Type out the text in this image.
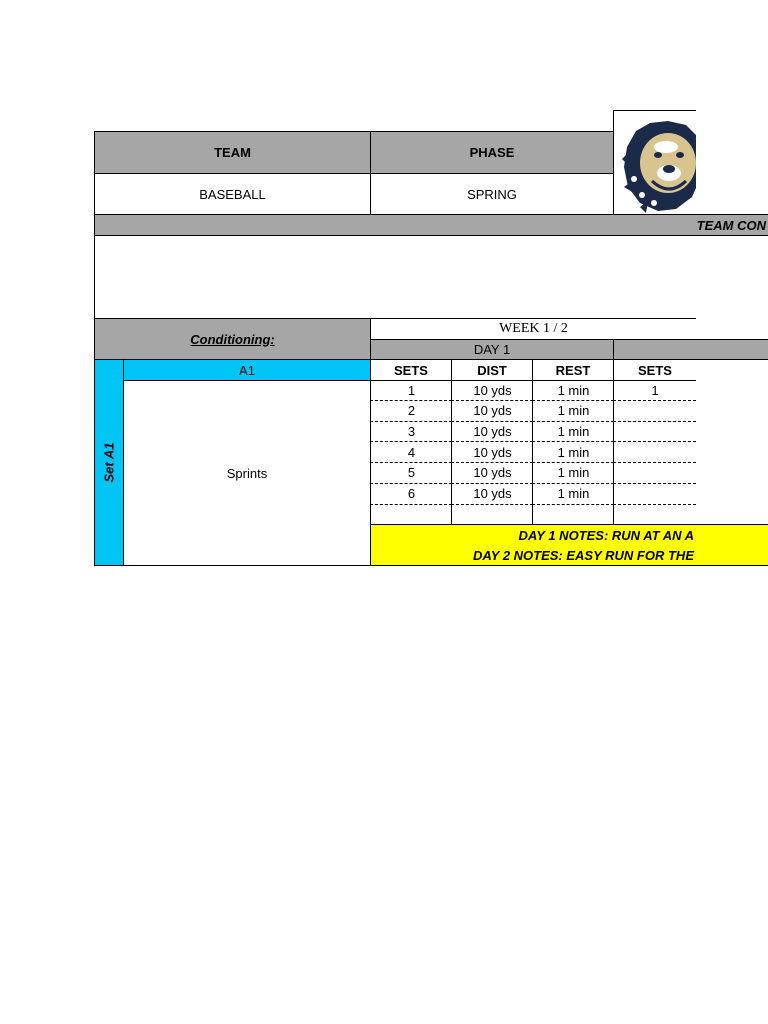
TEAM	PHASE
BASEBALL	SPRING
TEAM CON
Conditioning:
WEEK 1 / 2
DAY 1
Set A1
A1
Sprints
SETS	DIST	REST	SETS
1	10 yds	1 min	1
2	10 yds	1 min
3	10 yds	1 min
4	10 yds	1 min
5	10 yds	1 min
6	10 yds	1 min
DAY 1 NOTES: RUN AT AN A
DAY 2 NOTES: EASY RUN FOR THE
